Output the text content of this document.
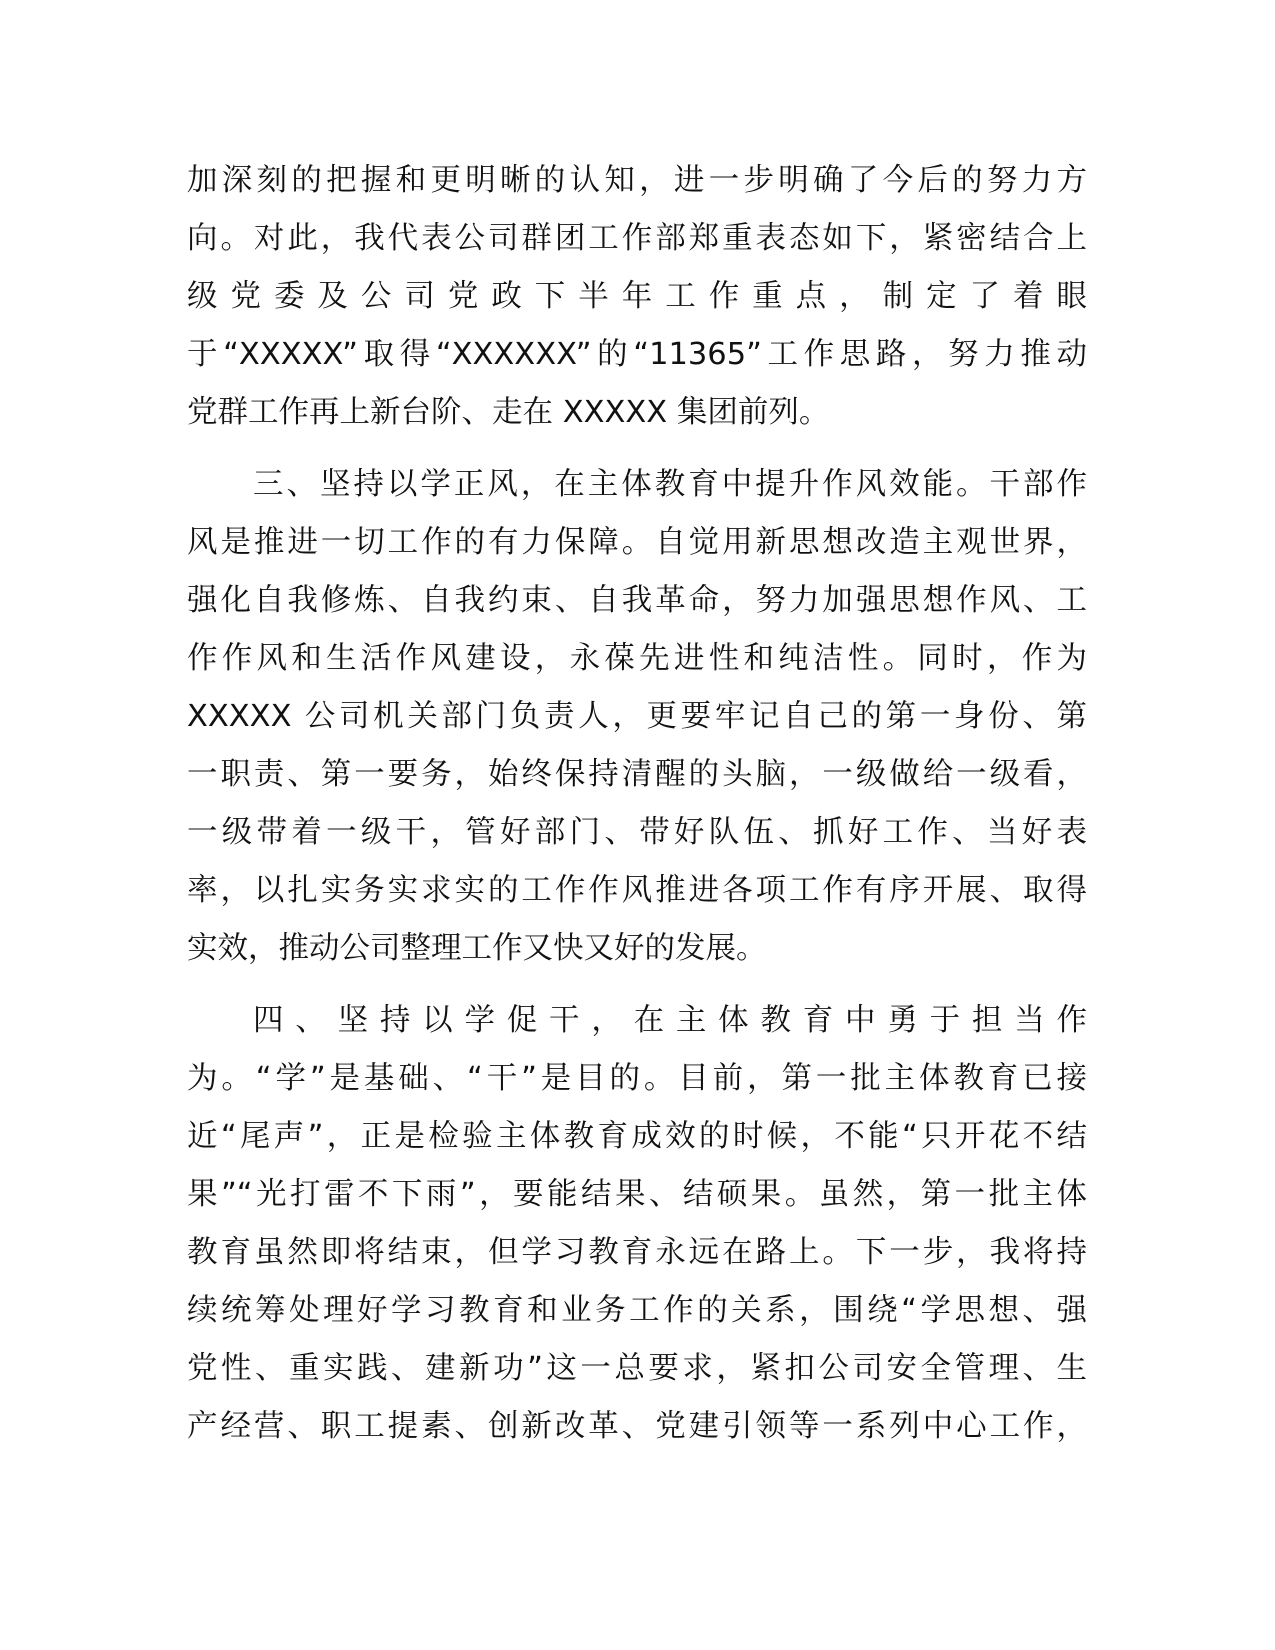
加深刻的把握和更明晰的认知，进一步明确了今后的努力方
向。对此，我代表公司群团工作部郑重表态如下，紧密结合上
级党委及公司党政下半年工作重点，制定了着眼
于“XXXXX”取得“XXXXXX”的“11365”工作思路，努力推动
党群工作再上新台阶、走在 XXXXX 集团前列。
三、坚持以学正风，在主体教育中提升作风效能。干部作
风是推进一切工作的有力保障。自觉用新思想改造主观世界，
强化自我修炼、自我约束、自我革命，努力加强思想作风、工
作作风和生活作风建设，永葆先进性和纯洁性。同时，作为
XXXXX 公司机关部门负责人，更要牢记自己的第一身份、第
一职责、第一要务，始终保持清醒的头脑，一级做给一级看，
一级带着一级干，管好部门、带好队伍、抓好工作、当好表
率，以扎实务实求实的工作作风推进各项工作有序开展、取得
实效，推动公司整理工作又快又好的发展。
四、坚持以学促干，在主体教育中勇于担当作
为。“学”是基础、“干”是目的。目前，第一批主体教育已接
近“尾声”，正是检验主体教育成效的时候，不能“只开花不结
果”“光打雷不下雨”，要能结果、结硕果。虽然，第一批主体
教育虽然即将结束，但学习教育永远在路上。下一步，我将持
续统筹处理好学习教育和业务工作的关系，围绕“学思想、强
党性、重实践、建新功”这一总要求，紧扣公司安全管理、生
产经营、职工提素、创新改革、党建引领等一系列中心工作，
